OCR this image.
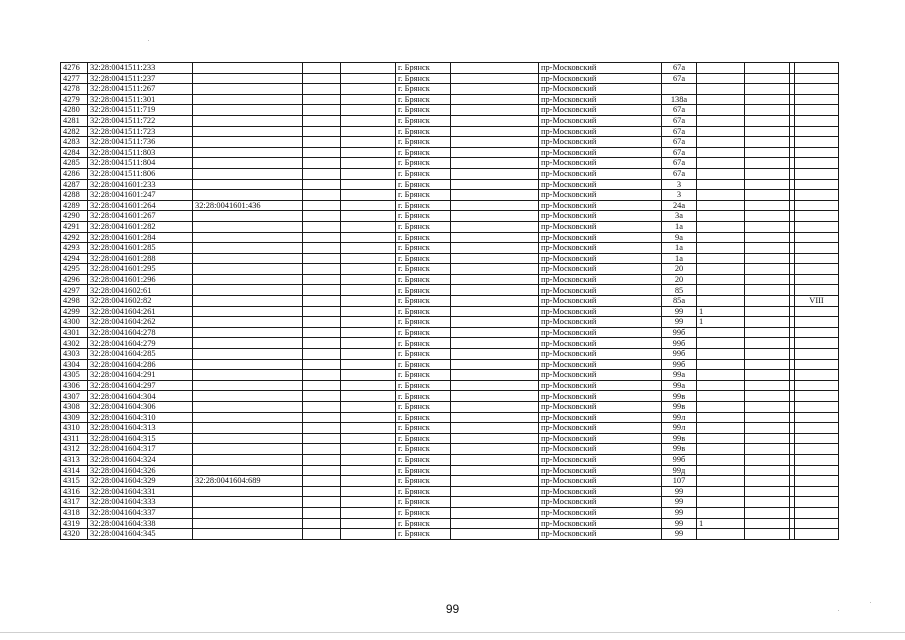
4276	32:28:0041511:233				г. Брянск		пр-Московский	67а				
4277	32:28:0041511:237				г. Брянск		пр-Московский	67а				
4278	32:28:0041511:267				г. Брянск		пр-Московский					
4279	32:28:0041511:301				г. Брянск		пр-Московский	138а				
4280	32:28:0041511:719				г. Брянск		пр-Московский	67а				
4281	32:28:0041511:722				г. Брянск		пр-Московский	67а				
4282	32:28:0041511:723				г. Брянск		пр-Московский	67а				
4283	32:28:0041511:736				г. Брянск		пр-Московский	67а				
4284	32:28:0041511:803				г. Брянск		пр-Московский	67а				
4285	32:28:0041511:804				г. Брянск		пр-Московский	67а				
4286	32:28:0041511:806				г. Брянск		пр-Московский	67а				
4287	32:28:0041601:233				г. Брянск		пр-Московский	3				
4288	32:28:0041601:247				г. Брянск		пр-Московский	3				
4289	32:28:0041601:264	32:28:0041601:436			г. Брянск		пр-Московский	24а				
4290	32:28:0041601:267				г. Брянск		пр-Московский	3а				
4291	32:28:0041601:282				г. Брянск		пр-Московский	1а				
4292	32:28:0041601:284				г. Брянск		пр-Московский	9а				
4293	32:28:0041601:285				г. Брянск		пр-Московский	1а				
4294	32:28:0041601:288				г. Брянск		пр-Московский	1а				
4295	32:28:0041601:295				г. Брянск		пр-Московский	20				
4296	32:28:0041601:296				г. Брянск		пр-Московский	20				
4297	32:28:0041602:61				г. Брянск		пр-Московский	85				
4298	32:28:0041602:82				г. Брянск		пр-Московский	85а				VIII
4299	32:28:0041604:261				г. Брянск		пр-Московский	99	1			
4300	32:28:0041604:262				г. Брянск		пр-Московский	99	1			
4301	32:28:0041604:278				г. Брянск		пр-Московский	99б				
4302	32:28:0041604:279				г. Брянск		пр-Московский	99б				
4303	32:28:0041604:285				г. Брянск		пр-Московский	99б				
4304	32:28:0041604:286				г. Брянск		пр-Московский	99б				
4305	32:28:0041604:291				г. Брянск		пр-Московский	99а				
4306	32:28:0041604:297				г. Брянск		пр-Московский	99а				
4307	32:28:0041604:304				г. Брянск		пр-Московский	99в				
4308	32:28:0041604:306				г. Брянск		пр-Московский	99в				
4309	32:28:0041604:310				г. Брянск		пр-Московский	99л				
4310	32:28:0041604:313				г. Брянск		пр-Московский	99л				
4311	32:28:0041604:315				г. Брянск		пр-Московский	99в				
4312	32:28:0041604:317				г. Брянск		пр-Московский	99в				
4313	32:28:0041604:324				г. Брянск		пр-Московский	99б				
4314	32:28:0041604:326				г. Брянск		пр-Московский	99д				
4315	32:28:0041604:329	32:28:0041604:689			г. Брянск		пр-Московский	107				
4316	32:28:0041604:331				г. Брянск		пр-Московский	99				
4317	32:28:0041604:333				г. Брянск		пр-Московский	99				
4318	32:28:0041604:337				г. Брянск		пр-Московский	99				
4319	32:28:0041604:338				г. Брянск		пр-Московский	99	1			
4320	32:28:0041604:345				г. Брянск		пр-Московский	99				
99
